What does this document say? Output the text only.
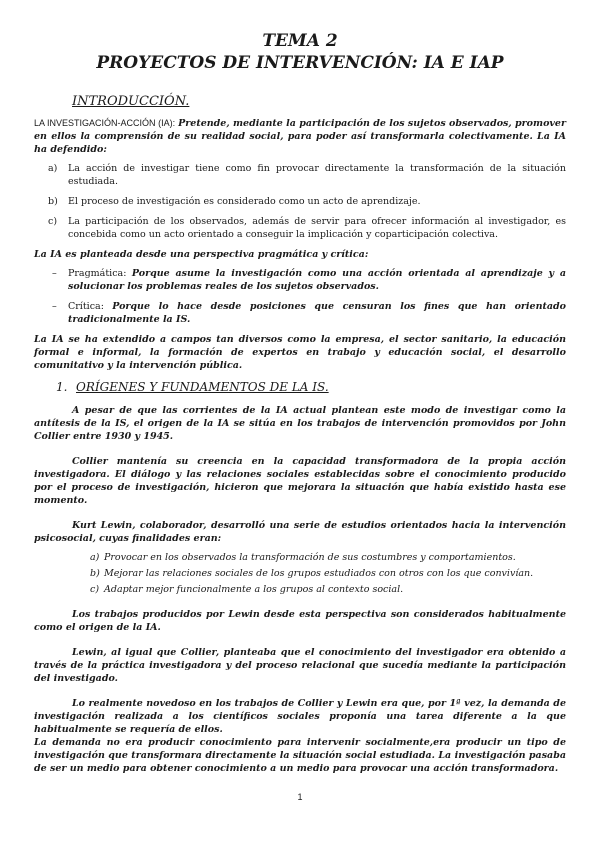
TEMA 2
PROYECTOS DE INTERVENCIÓN: IA E IAP
INTRODUCCIÓN.

LA INVESTIGACIÓN-ACCIÓN (IA): Pretende, mediante la participación de los sujetos observados, promover en ellos la comprensión de su realidad social, para poder así transformarla colectivamente. La IA ha defendido:

a) La acción de investigar tiene como fin provocar directamente la transformación de la situación estudiada.
b) El proceso de investigación es considerado como un acto de aprendizaje.
c) La participación de los observados, además de servir para ofrecer información al investigador, es concebida como un acto orientado a conseguir la implicación y coparticipación colectiva.

La IA es planteada desde una perspectiva pragmática y crítica:

– Pragmática: Porque asume la investigación como una acción orientada al aprendizaje y a solucionar los problemas reales de los sujetos observados.
– Crítica: Porque lo hace desde posiciones que censuran los fines que han orientado tradicionalmente la IS.

La IA se ha extendido a campos tan diversos como la empresa, el sector sanitario, la educación formal e informal, la formación de expertos en trabajo y educación social, el desarrollo comunitativo y la intervención pública.

1. ORÍGENES Y FUNDAMENTOS DE LA IS.

A pesar de que las corrientes de la IA actual plantean este modo de investigar como la antítesis de la IS, el origen de la IA se sitúa en los trabajos de intervención promovidos por John Collier entre 1930 y 1945.

Collier mantenía su creencia en la capacidad transformadora de la propia acción investigadora. El diálogo y las relaciones sociales establecidas sobre el conocimiento producido por el proceso de investigación, hicieron que mejorara la situación que había existido hasta ese momento.

Kurt Lewin, colaborador, desarrolló una serie de estudios orientados hacia la intervención psicosocial, cuyas finalidades eran:

a) Provocar en los observados la transformación de sus costumbres y comportamientos.
b) Mejorar las relaciones sociales de los grupos estudiados con otros con los que convivían.
c) Adaptar mejor funcionalmente a los grupos al contexto social.

Los trabajos producidos por Lewin desde esta perspectiva son considerados habitualmente como el origen de la IA.

Lewin, al igual que Collier, planteaba que el conocimiento del investigador era obtenido a través de la práctica investigadora y del proceso relacional que sucedía mediante la participación del investigado.

Lo realmente novedoso en los trabajos de Collier y Lewin era que, por 1ª vez, la demanda de investigación realizada a los científicos sociales proponía una tarea diferente a la que habitualmente se requería de ellos.

La demanda no era producir conocimiento para intervenir socialmente,era producir un tipo de investigación que transformara directamente la situación social estudiada. La investigación pasaba de ser un medio para obtener conocimiento a un medio para provocar una acción transformadora.

1
